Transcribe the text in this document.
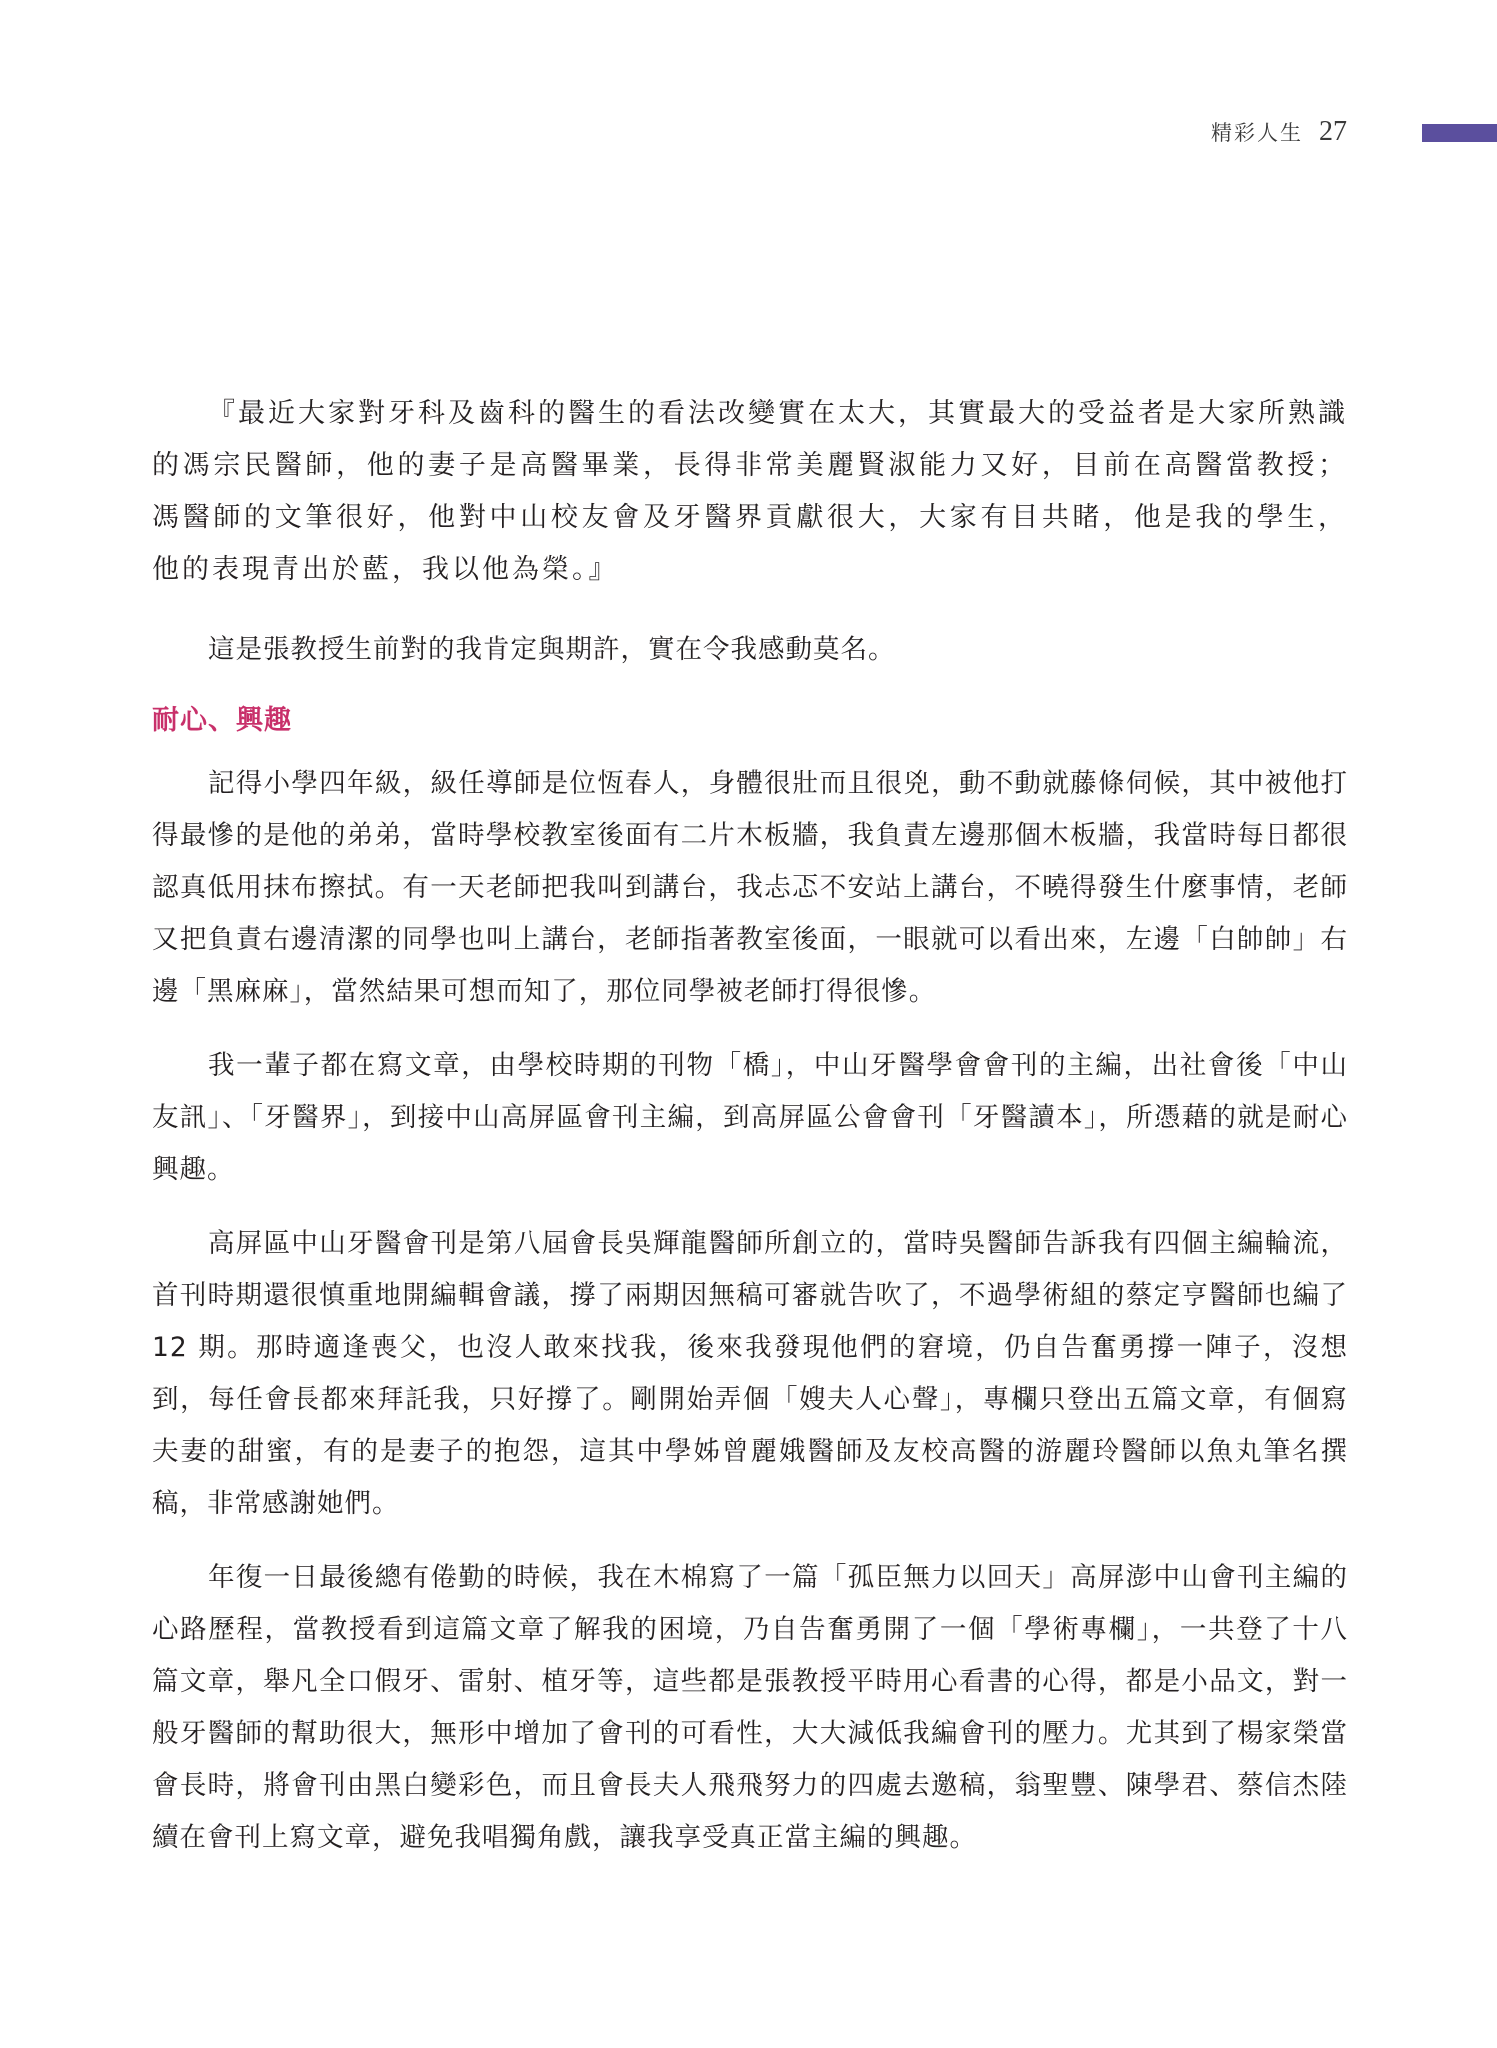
精彩人生 27

『最近大家對牙科及齒科的醫生的看法改變實在太大，其實最大的受益者是大家所熟識的馮宗民醫師，他的妻子是高醫畢業，長得非常美麗賢淑能力又好，目前在高醫當教授；馮醫師的文筆很好，他對中山校友會及牙醫界貢獻很大，大家有目共睹，他是我的學生，他的表現青出於藍，我以他為榮。』

這是張教授生前對的我肯定與期許，實在令我感動莫名。

耐心、興趣

記得小學四年級，級任導師是位恆春人，身體很壯而且很兇，動不動就藤條伺候，其中被他打得最慘的是他的弟弟，當時學校教室後面有二片木板牆，我負責左邊那個木板牆，我當時每日都很認真低用抹布擦拭。有一天老師把我叫到講台，我忐忑不安站上講台，不曉得發生什麼事情，老師又把負責右邊清潔的同學也叫上講台，老師指著教室後面，一眼就可以看出來，左邊「白帥帥」右邊「黑麻麻」，當然結果可想而知了，那位同學被老師打得很慘。

我一輩子都在寫文章，由學校時期的刊物「橋」，中山牙醫學會會刊的主編，出社會後「中山友訊」、「牙醫界」，到接中山高屏區會刊主編，到高屏區公會會刊「牙醫讀本」，所憑藉的就是耐心興趣。

高屏區中山牙醫會刊是第八屆會長吳輝龍醫師所創立的，當時吳醫師告訴我有四個主編輪流，首刊時期還很慎重地開編輯會議，撐了兩期因無稿可審就告吹了，不過學術組的蔡定亨醫師也編了 12 期。那時適逢喪父，也沒人敢來找我，後來我發現他們的窘境，仍自告奮勇撐一陣子，沒想到，每任會長都來拜託我，只好撐了。剛開始弄個「嫂夫人心聲」，專欄只登出五篇文章，有個寫夫妻的甜蜜，有的是妻子的抱怨，這其中學姊曾麗娥醫師及友校高醫的游麗玲醫師以魚丸筆名撰稿，非常感謝她們。

年復一日最後總有倦勤的時候，我在木棉寫了一篇「孤臣無力以回天」高屏澎中山會刊主編的心路歷程，當教授看到這篇文章了解我的困境，乃自告奮勇開了一個「學術專欄」，一共登了十八篇文章，舉凡全口假牙、雷射、植牙等，這些都是張教授平時用心看書的心得，都是小品文，對一般牙醫師的幫助很大，無形中增加了會刊的可看性，大大減低我編會刊的壓力。尤其到了楊家榮當會長時，將會刊由黑白變彩色，而且會長夫人飛飛努力的四處去邀稿，翁聖豐、陳學君、蔡信杰陸續在會刊上寫文章，避免我唱獨角戲，讓我享受真正當主編的興趣。
